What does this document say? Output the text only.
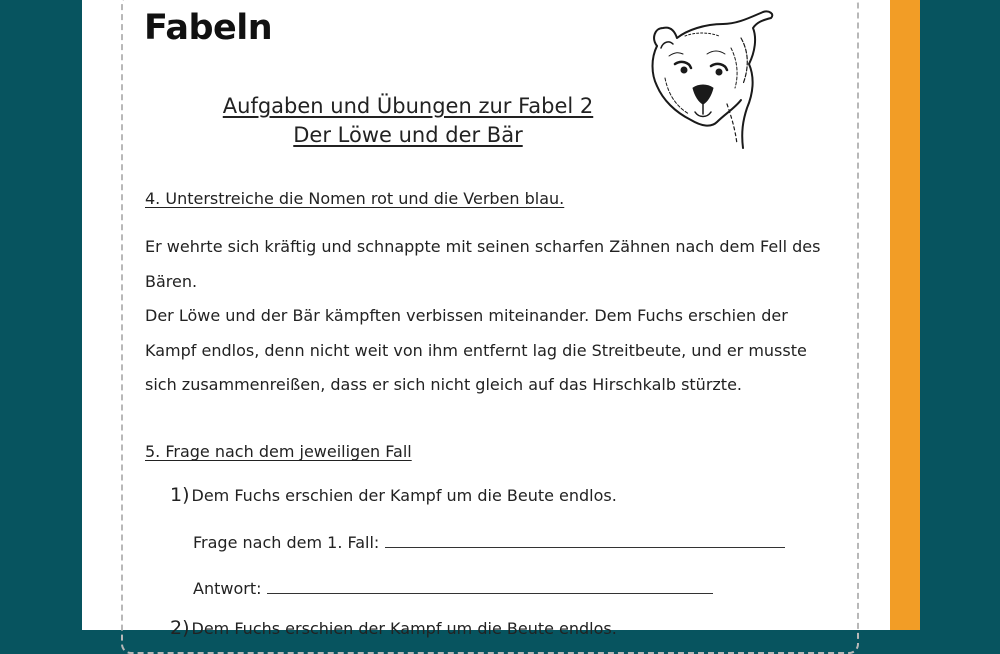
Fabeln
Aufgaben und Übungen zur Fabel 2
Der Löwe und der Bär
4. Unterstreiche die Nomen rot und die Verben blau.
Er wehrte sich kräftig und schnappte mit seinen scharfen Zähnen nach dem Fell des Bären.
Der Löwe und der Bär kämpften verbissen miteinander. Dem Fuchs erschien der Kampf endlos, denn nicht weit von ihm entfernt lag die Streitbeute, und er musste sich zusammenreißen, dass er sich nicht gleich auf das Hirschkalb stürzte.
5. Frage nach dem jeweiligen Fall
1) Dem Fuchs erschien der Kampf um die Beute endlos.
Frage nach dem 1. Fall:
Antwort:
2) Dem Fuchs erschien der Kampf um die Beute endlos.
